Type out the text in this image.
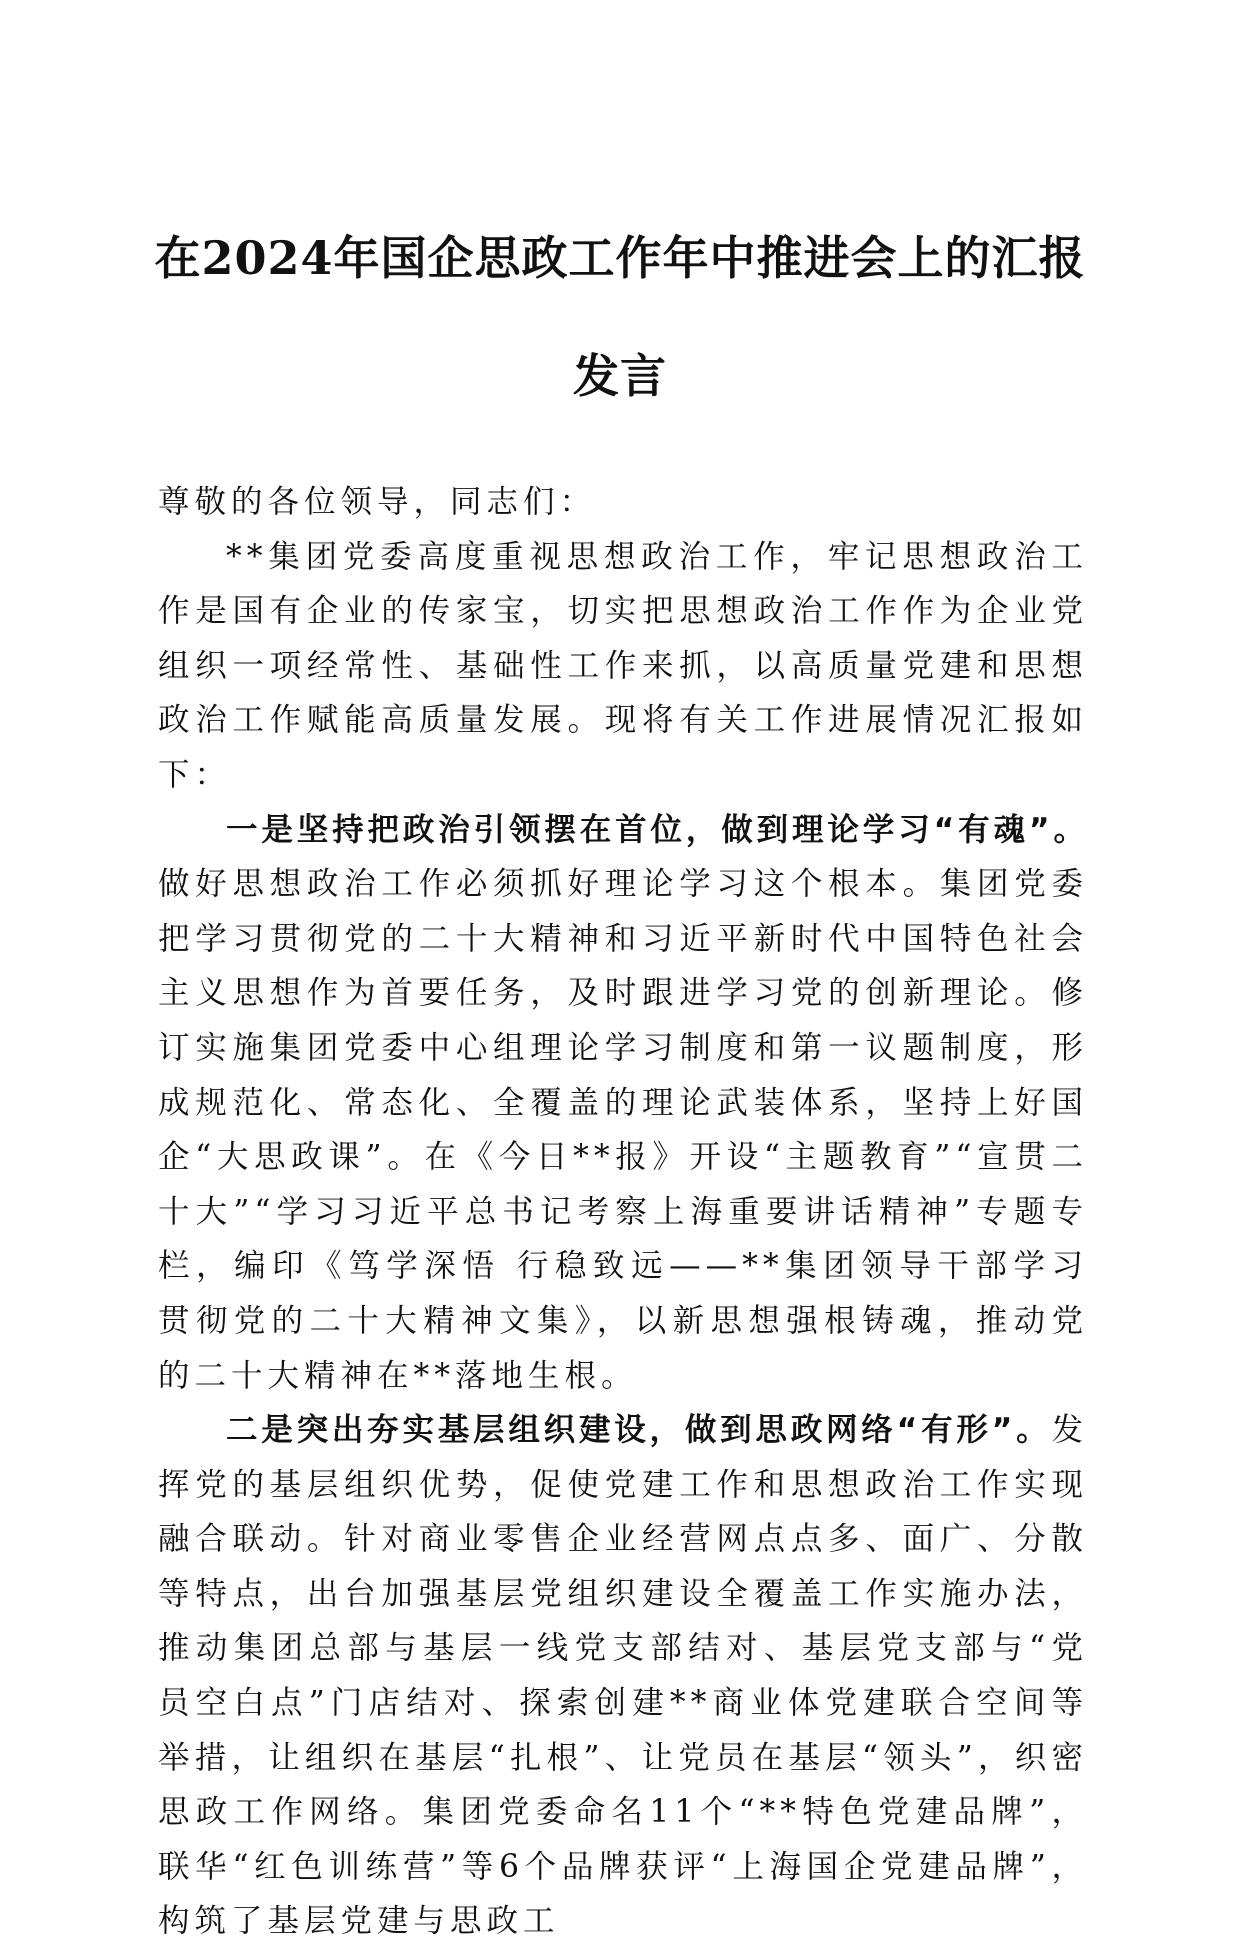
在2024年国企思政工作年中推进会上的汇报
发言

尊敬的各位领导，同志们：

**集团党委高度重视思想政治工作，牢记思想政治工作是国有企业的传家宝，切实把思想政治工作作为企业党组织一项经常性、基础性工作来抓，以高质量党建和思想政治工作赋能高质量发展。现将有关工作进展情况汇报如下：

一是坚持把政治引领摆在首位，做到理论学习“有魂”。做好思想政治工作必须抓好理论学习这个根本。集团党委把学习贯彻党的二十大精神和习近平新时代中国特色社会主义思想作为首要任务，及时跟进学习党的创新理论。修订实施集团党委中心组理论学习制度和第一议题制度，形成规范化、常态化、全覆盖的理论武装体系，坚持上好国企“大思政课”。在《今日**报》开设“主题教育”“宣贯二十大”“学习习近平总书记考察上海重要讲话精神”专题专栏，编印《笃学深悟 行稳致远——**集团领导干部学习贯彻党的二十大精神文集》，以新思想强根铸魂，推动党的二十大精神在**落地生根。

二是突出夯实基层组织建设，做到思政网络“有形”。发挥党的基层组织优势，促使党建工作和思想政治工作实现融合联动。针对商业零售企业经营网点点多、面广、分散等特点，出台加强基层党组织建设全覆盖工作实施办法，推动集团总部与基层一线党支部结对、基层党支部与“党员空白点”门店结对、探索创建**商业体党建联合空间等举措，让组织在基层“扎根”、让党员在基层“领头”，织密思政工作网络。集团党委命名11个“**特色党建品牌”，联华“红色训练营”等6个品牌获评“上海国企党建品牌”，构筑了基层党建与思政工
